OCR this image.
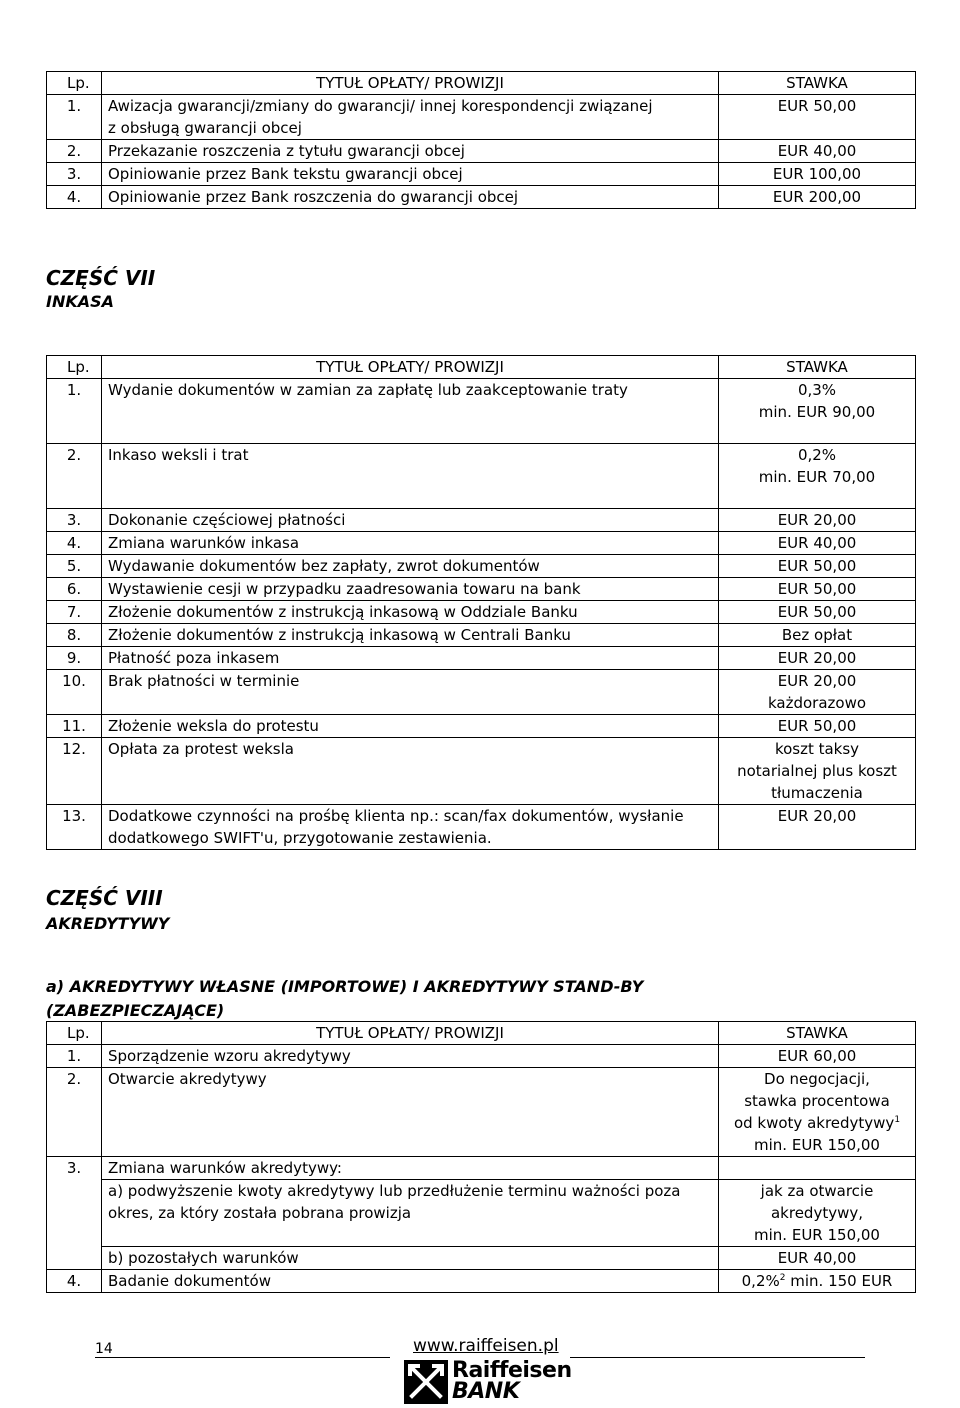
Lp.	TYTUŁ OPŁATY/ PROWIZJI	STAWKA
1.	Awizacja gwarancji/zmiany do gwarancji/ innej korespondencji związanej z obsługą gwarancji obcej	EUR 50,00
2.	Przekazanie roszczenia z tytułu gwarancji obcej	EUR 40,00
3.	Opiniowanie przez Bank tekstu gwarancji obcej	EUR 100,00
4.	Opiniowanie przez Bank roszczenia do gwarancji obcej	EUR 200,00
CZĘŚĆ VII
INKASA
Lp.	TYTUŁ OPŁATY/ PROWIZJI	STAWKA
1.	Wydanie dokumentów w zamian za zapłatę lub zaakceptowanie traty	0,3%
min. EUR 90,00

2.	Inkaso weksli i trat	0,2%
min. EUR 70,00

3.	Dokonanie częściowej płatności	EUR 20,00
4.	Zmiana warunków inkasa	EUR 40,00
5.	Wydawanie dokumentów bez zapłaty, zwrot dokumentów	EUR 50,00
6.	Wystawienie cesji w przypadku zaadresowania towaru na bank	EUR 50,00
7.	Złożenie dokumentów z instrukcją inkasową w Oddziale Banku	EUR 50,00
8.	Złożenie dokumentów z instrukcją inkasową w Centrali Banku	Bez opłat
9.	Płatność poza inkasem	EUR 20,00
10.	Brak płatności w terminie	EUR 20,00
każdorazowo

11.	Złożenie weksla do protestu	EUR 50,00
12.	Opłata za protest weksla	koszt taksy
notarialnej plus koszt
tłumaczenia

13.	Dodatkowe czynności na prośbę klienta np.: scan/fax dokumentów, wysłanie dodatkowego SWIFT'u, przygotowanie zestawienia.	EUR 20,00
CZĘŚĆ VIII
AKREDYTYWY
a) AKREDYTYWY WŁASNE (IMPORTOWE) I AKREDYTYWY STAND-BY (ZABEZPIECZAJĄCE)
Lp.	TYTUŁ OPŁATY/ PROWIZJI	STAWKA
1.	Sporządzenie wzoru akredytywy	EUR 60,00
2.	Otwarcie akredytywy	Do negocjacji,
stawka procentowa
od kwoty akredytywy$^1$
min. EUR 150,00

3.	Zmiana warunków akredytywy:	
	a) podwyższenie kwoty akredytywy lub przedłużenie terminu ważności poza okres, za który została pobrana prowizja	jak za otwarcie
akredytywy,
min. EUR 150,00

	b) pozostałych warunków	EUR 40,00
4.	Badanie dokumentów	0,2%$^2$ min. 150 EUR
14	www.raiffeisen.pl
Raiffeisen
BANK
